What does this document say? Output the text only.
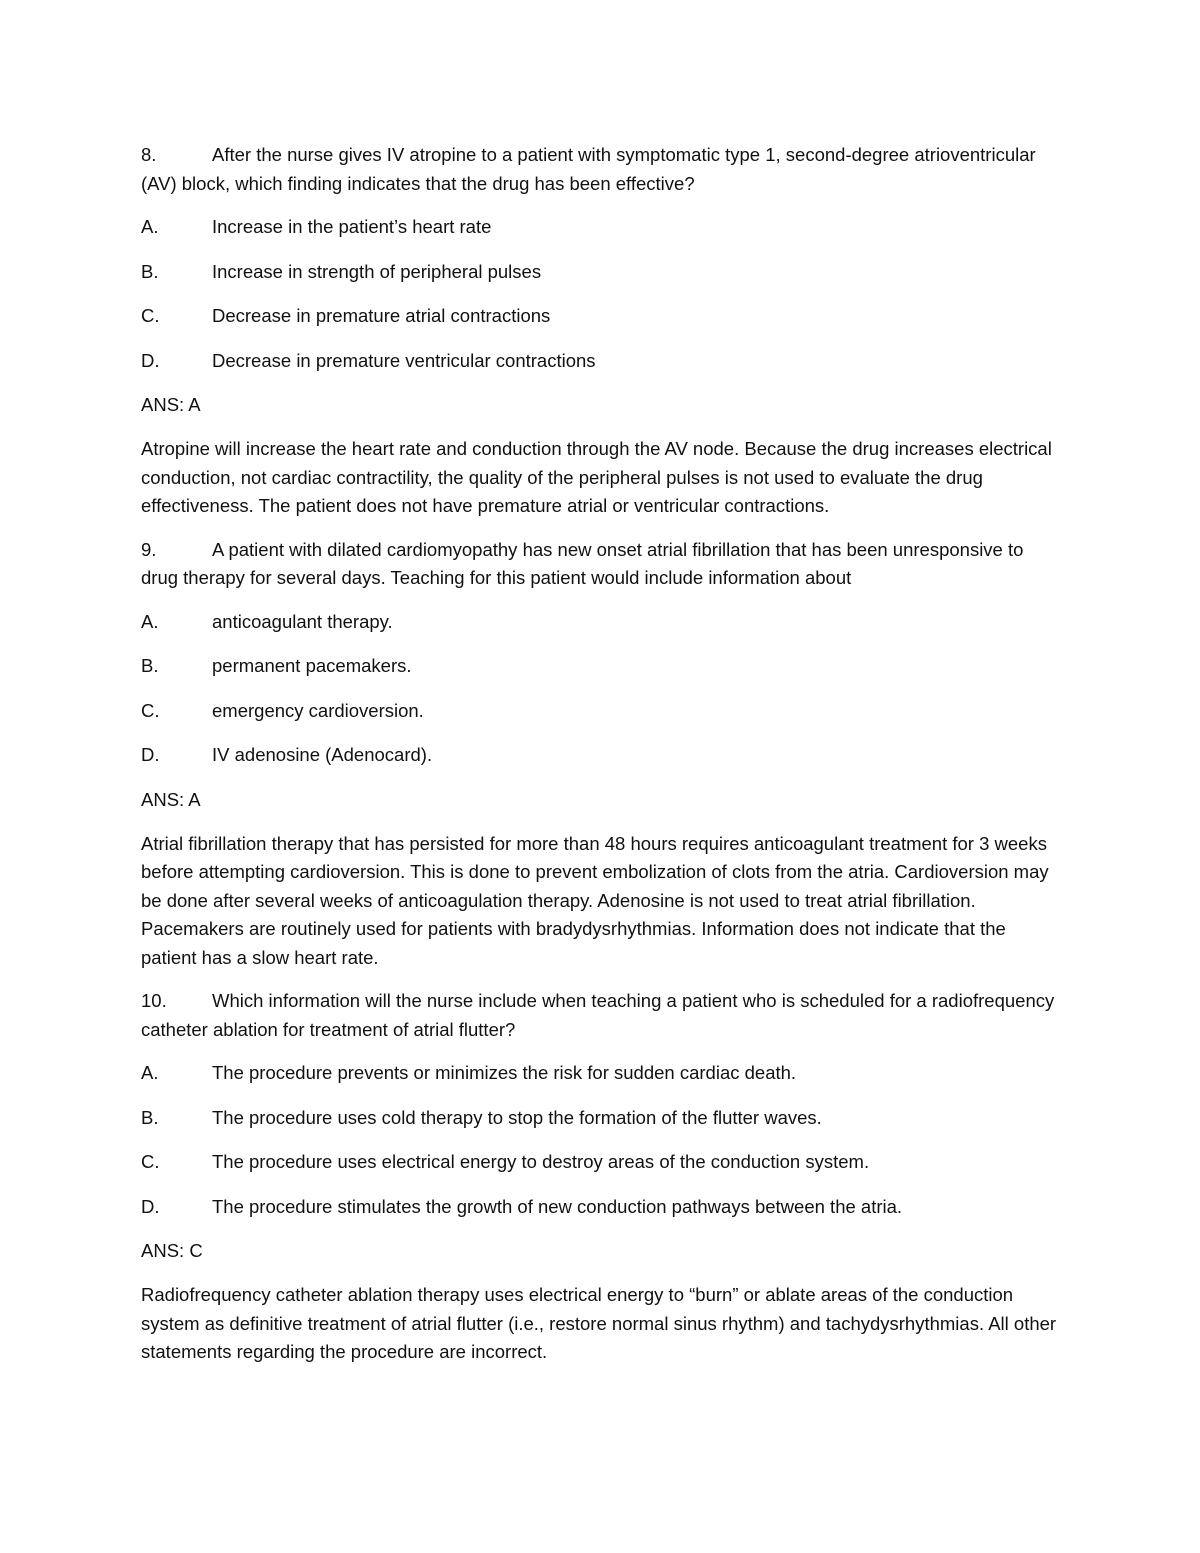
8.	After the nurse gives IV atropine to a patient with symptomatic type 1, second-degree atrioventricular (AV) block, which finding indicates that the drug has been effective?

A.	Increase in the patient’s heart rate
B.	Increase in strength of peripheral pulses
C.	Decrease in premature atrial contractions
D.	Decrease in premature ventricular contractions

ANS: A

Atropine will increase the heart rate and conduction through the AV node. Because the drug increases electrical conduction, not cardiac contractility, the quality of the peripheral pulses is not used to evaluate the drug effectiveness. The patient does not have premature atrial or ventricular contractions.

9.	A patient with dilated cardiomyopathy has new onset atrial fibrillation that has been unresponsive to drug therapy for several days. Teaching for this patient would include information about

A.	anticoagulant therapy.
B.	permanent pacemakers.
C.	emergency cardioversion.
D.	IV adenosine (Adenocard).

ANS: A

Atrial fibrillation therapy that has persisted for more than 48 hours requires anticoagulant treatment for 3 weeks before attempting cardioversion. This is done to prevent embolization of clots from the atria. Cardioversion may be done after several weeks of anticoagulation therapy. Adenosine is not used to treat atrial fibrillation. Pacemakers are routinely used for patients with bradydysrhythmias. Information does not indicate that the patient has a slow heart rate.

10. Which information will the nurse include when teaching a patient who is scheduled for a radiofrequency catheter ablation for treatment of atrial flutter?

A.	The procedure prevents or minimizes the risk for sudden cardiac death.
B.	The procedure uses cold therapy to stop the formation of the flutter waves.
C.	The procedure uses electrical energy to destroy areas of the conduction system.
D.	The procedure stimulates the growth of new conduction pathways between the atria.

ANS: C

Radiofrequency catheter ablation therapy uses electrical energy to “burn” or ablate areas of the conduction system as definitive treatment of atrial flutter (i.e., restore normal sinus rhythm) and tachydysrhythmias. All other statements regarding the procedure are incorrect.
